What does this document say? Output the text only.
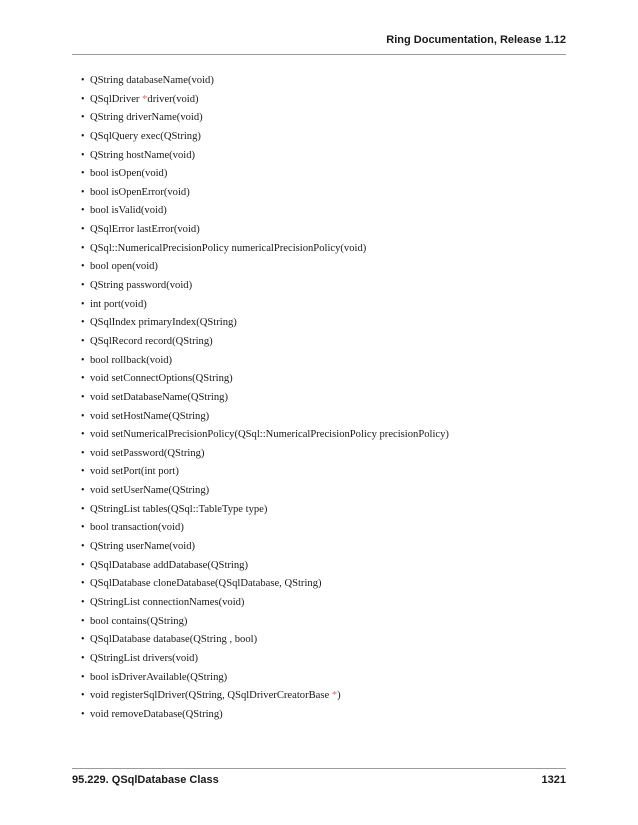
Ring Documentation, Release 1.12
• QString databaseName(void)
• QSqlDriver *driver(void)
• QString driverName(void)
• QSqlQuery exec(QString)
• QString hostName(void)
• bool isOpen(void)
• bool isOpenError(void)
• bool isValid(void)
• QSqlError lastError(void)
• QSql::NumericalPrecisionPolicy numericalPrecisionPolicy(void)
• bool open(void)
• QString password(void)
• int port(void)
• QSqlIndex primaryIndex(QString)
• QSqlRecord record(QString)
• bool rollback(void)
• void setConnectOptions(QString)
• void setDatabaseName(QString)
• void setHostName(QString)
• void setNumericalPrecisionPolicy(QSql::NumericalPrecisionPolicy precisionPolicy)
• void setPassword(QString)
• void setPort(int port)
• void setUserName(QString)
• QStringList tables(QSql::TableType type)
• bool transaction(void)
• QString userName(void)
• QSqlDatabase addDatabase(QString)
• QSqlDatabase cloneDatabase(QSqlDatabase, QString)
• QStringList connectionNames(void)
• bool contains(QString)
• QSqlDatabase database(QString , bool)
• QStringList drivers(void)
• bool isDriverAvailable(QString)
• void registerSqlDriver(QString, QSqlDriverCreatorBase *)
• void removeDatabase(QString)
95.229. QSqlDatabase Class	1321
